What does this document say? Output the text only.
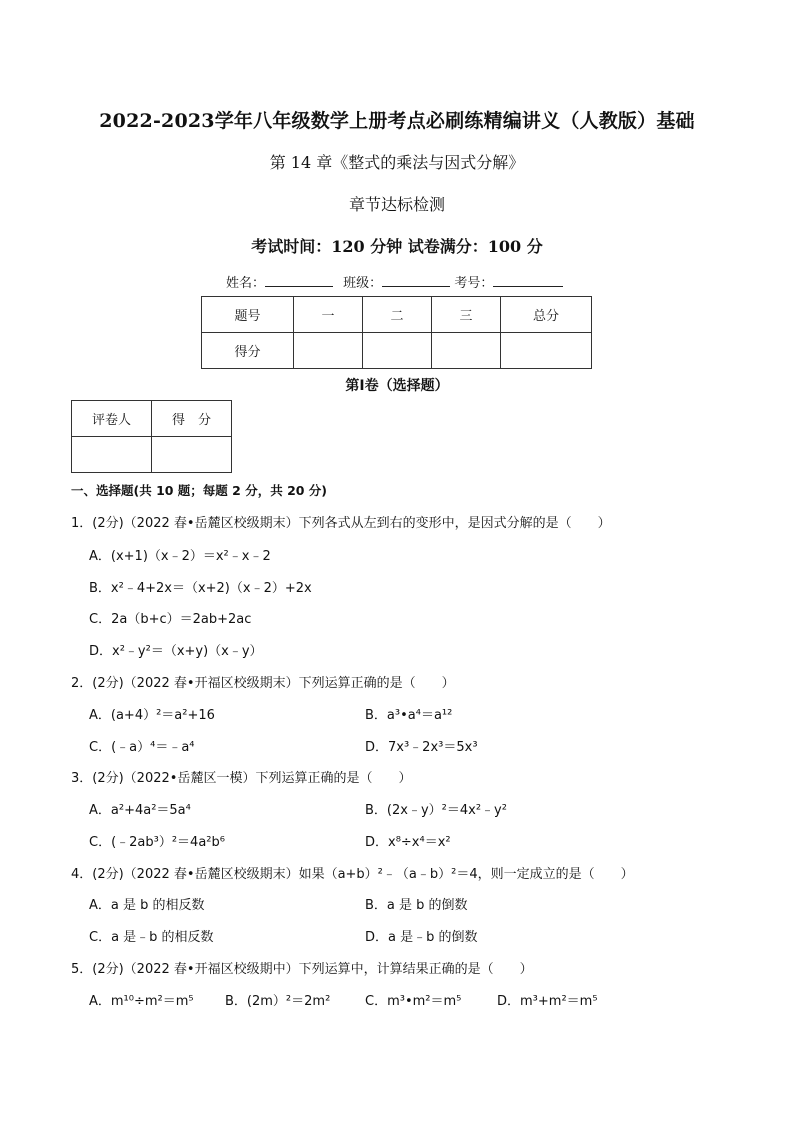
2022-2023学年八年级数学上册考点必刷练精编讲义（人教版）基础
第 14 章《整式的乘法与因式分解》
章节达标检测
考试时间：120 分钟 试卷满分：100 分
姓名：	班级：	考号：
题号	一	二	三	总分
得分				
第Ⅰ卷（选择题）
评卷人	得　分

一、选择题(共 10 题；每题 2 分，共 20 分)
1．(2分)（2022 春•岳麓区校级期末）下列各式从左到右的变形中，是因式分解的是（　　）
A．(x+1)（x﹣2）＝x²﹣x﹣2
B．x²﹣4+2x＝（x+2)（x﹣2）+2x
C．2a（b+c）＝2ab+2ac
D．x²﹣y²＝（x+y)（x﹣y）
2．(2分)（2022 春•开福区校级期末）下列运算正确的是（　　）
A．(a+4）²＝a²+16	B．a³•a⁴＝a¹²
C．(﹣a）⁴＝﹣a⁴	D．7x³﹣2x³＝5x³
3．(2分)（2022•岳麓区一模）下列运算正确的是（　　）
A．a²+4a²＝5a⁴	B．(2x﹣y）²＝4x²﹣y²
C．(﹣2ab³）²＝4a²b⁶	D．x⁸÷x⁴＝x²
4．(2分)（2022 春•岳麓区校级期末）如果（a+b）²﹣（a﹣b）²＝4，则一定成立的是（　　）
A．a 是 b 的相反数	B．a 是 b 的倒数
C．a 是﹣b 的相反数	D．a 是﹣b 的倒数
5．(2分)（2022 春•开福区校级期中）下列运算中，计算结果正确的是（　　）
A．m¹⁰÷m²＝m⁵ B．(2m）²＝2m²	C．m³•m²＝m⁵	D．m³+m²＝m⁵
